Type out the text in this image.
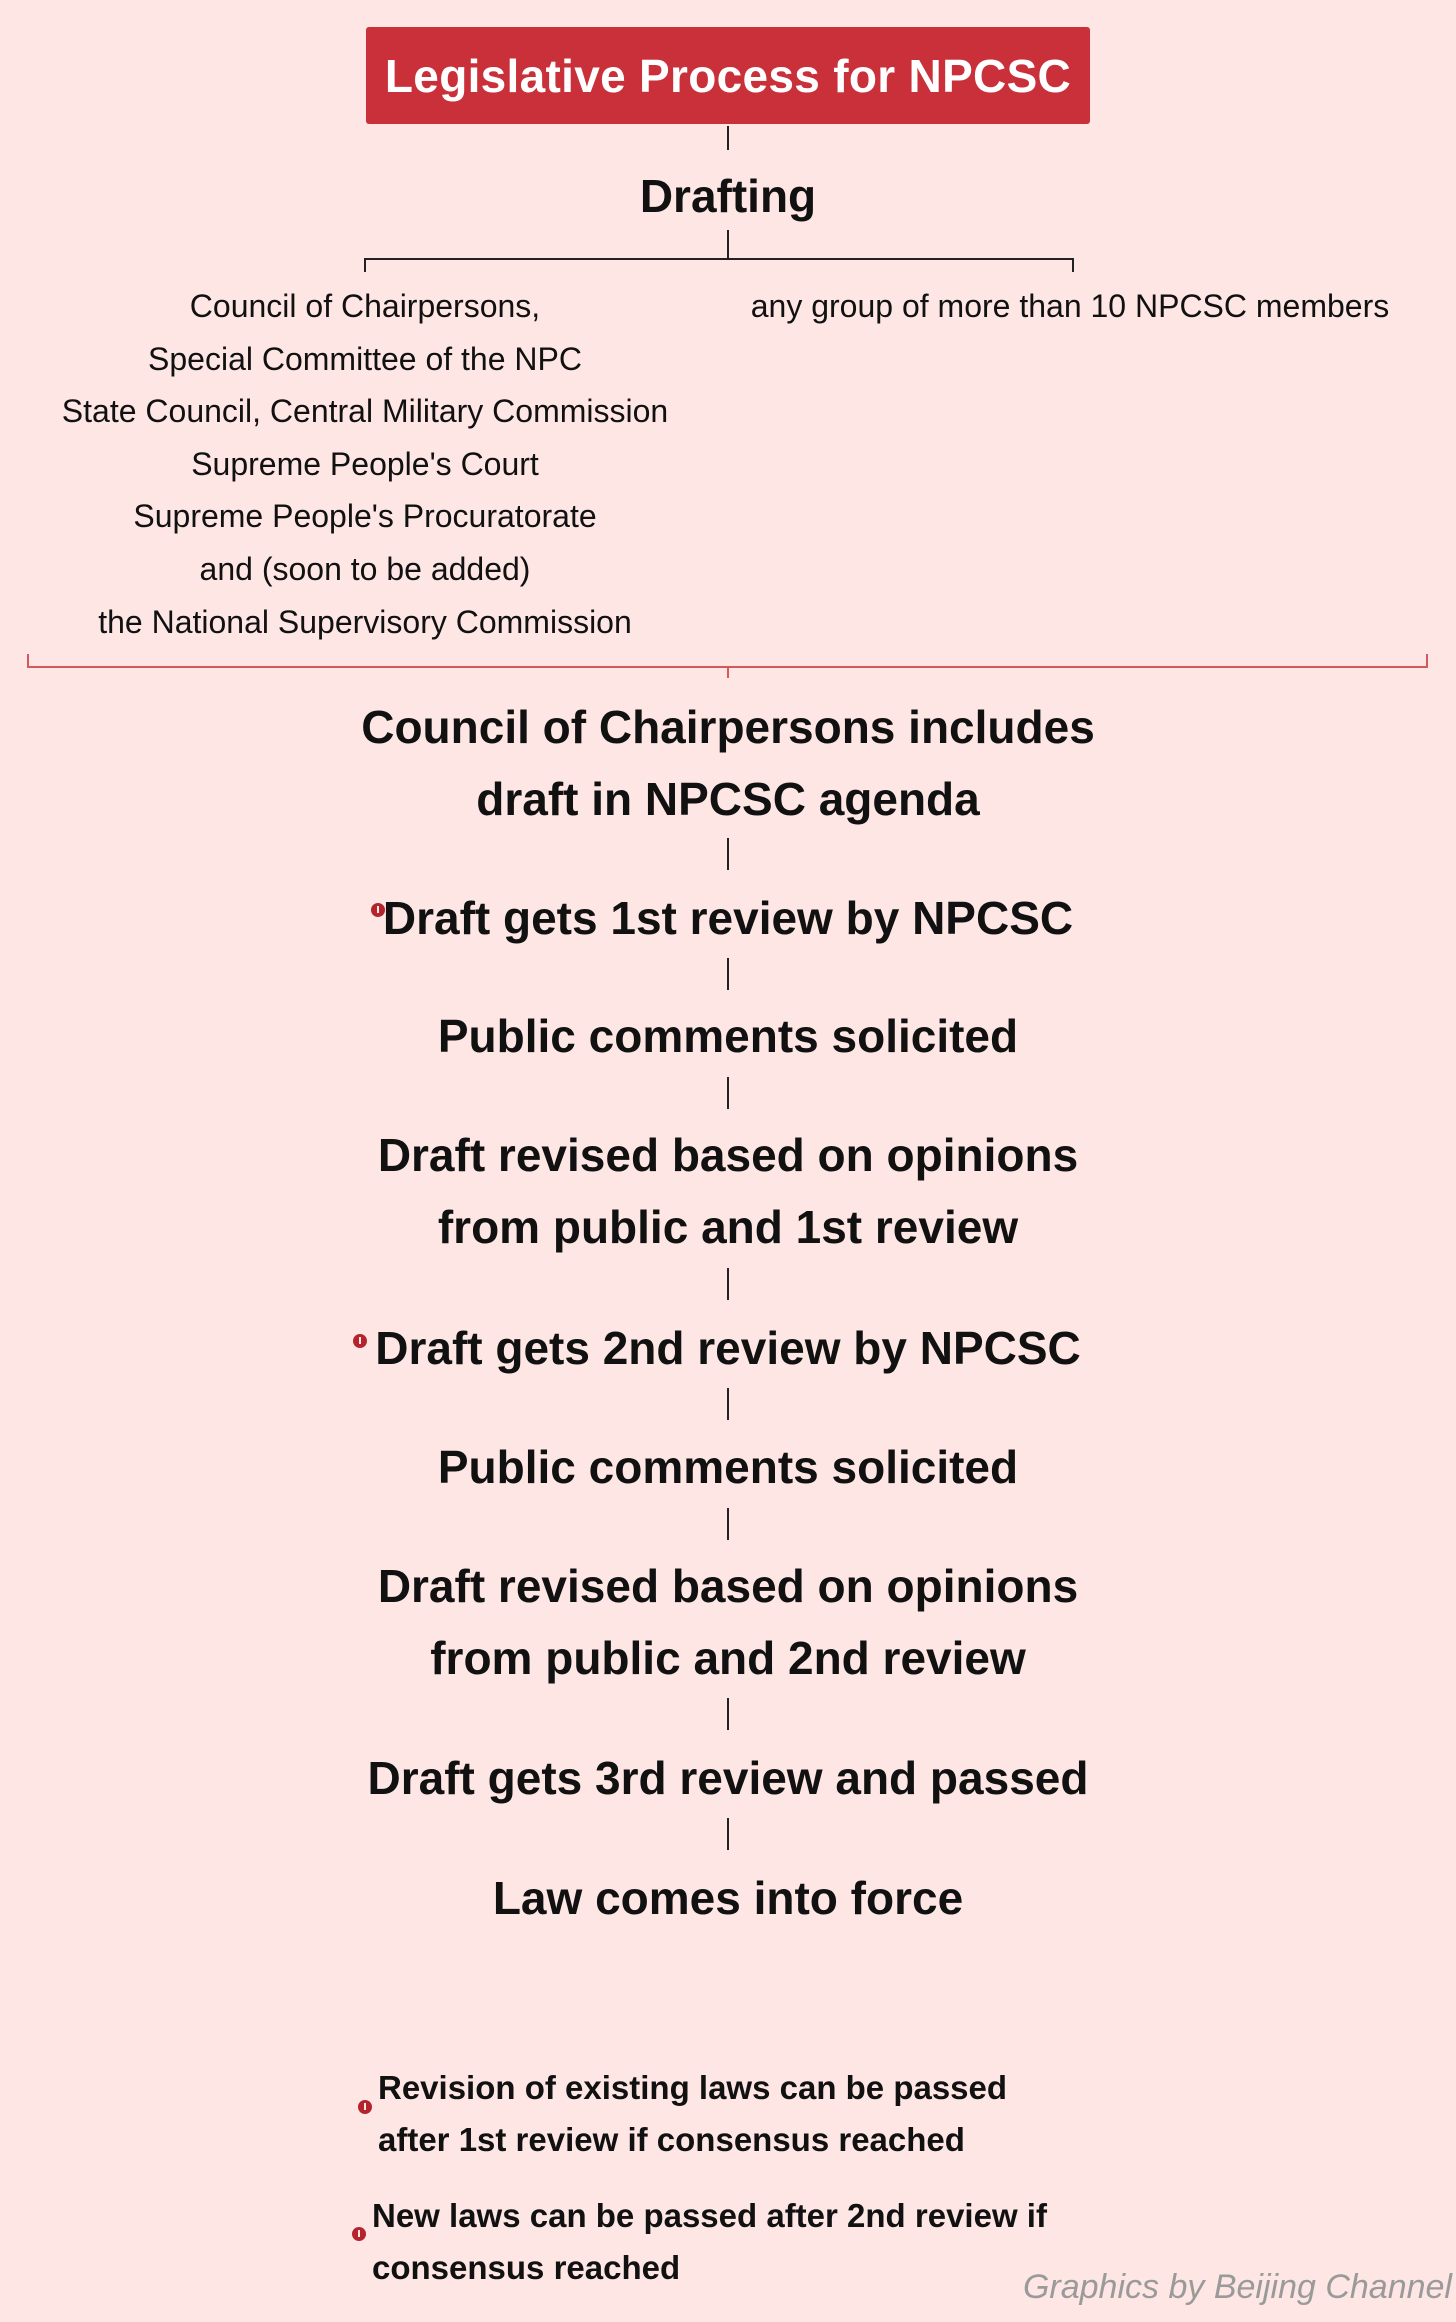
Legislative Process for NPCSC
Drafting
Council of Chairpersons,
Special Committee of the NPC
State Council, Central Military Commission
Supreme People's Court
Supreme People's Procuratorate
and (soon to be added)
the National Supervisory Commission
any group of more than 10 NPCSC members
Council of Chairpersons includes
draft in NPCSC agenda
Draft gets 1st review by NPCSC
Public comments solicited
Draft revised based on opinions
from public and 1st review
Draft gets 2nd review by NPCSC
Public comments solicited
Draft revised based on opinions
from public and 2nd review
Draft gets 3rd review and passed
Law comes into force
Revision of existing laws can be passed
after 1st review if consensus reached
New laws can be passed after 2nd review if
consensus reached
Graphics by Beijing Channel
